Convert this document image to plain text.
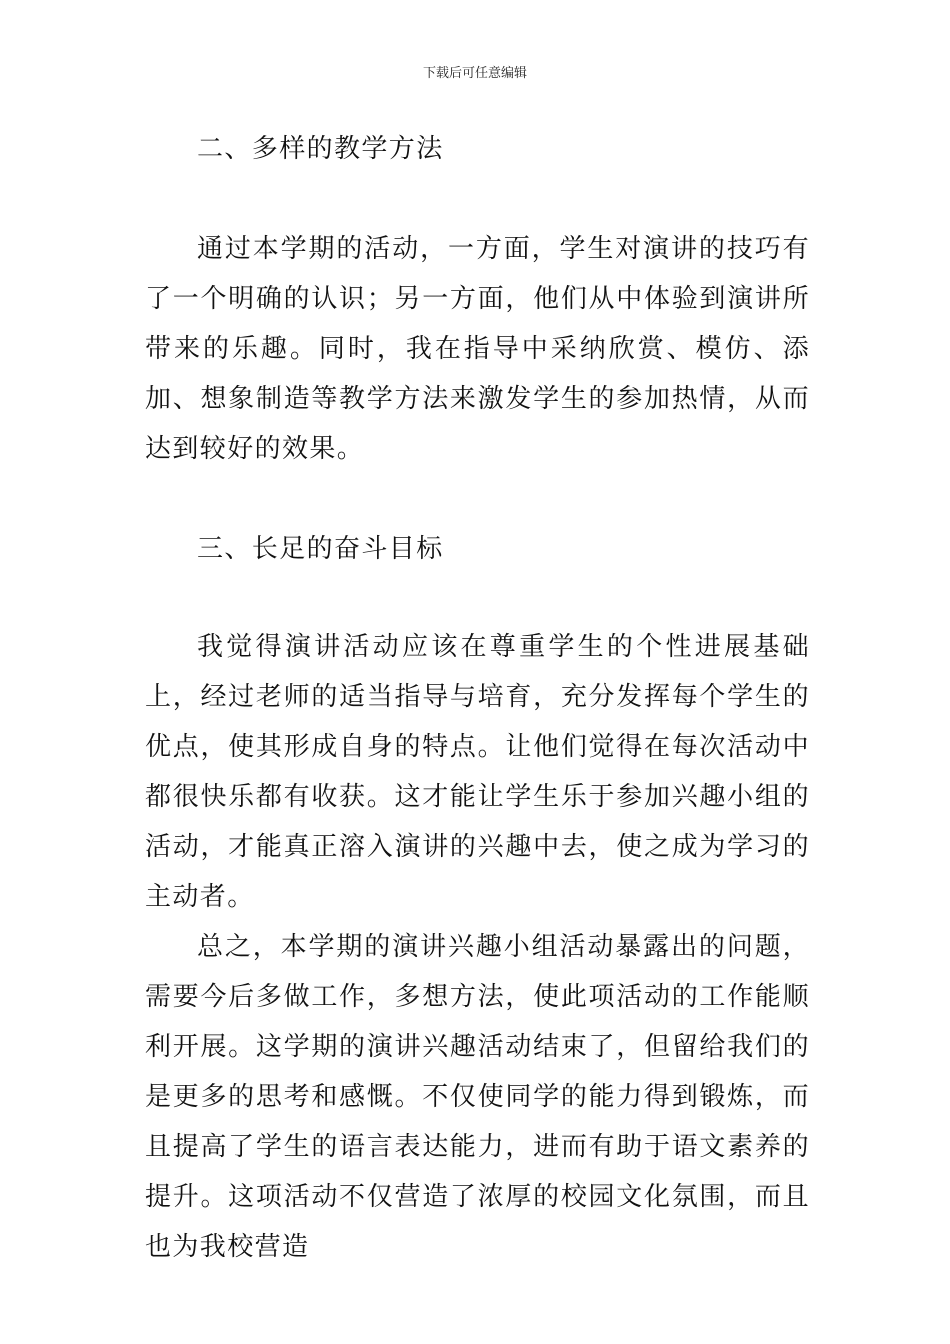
下载后可任意编辑

二、多样的教学方法

通过本学期的活动，一方面，学生对演讲的技巧有了一个明确的认识；另一方面，他们从中体验到演讲所带来的乐趣。同时，我在指导中采纳欣赏、模仿、添加、想象制造等教学方法来激发学生的参加热情，从而达到较好的效果。

三、长足的奋斗目标

我觉得演讲活动应该在尊重学生的个性进展基础上，经过老师的适当指导与培育，充分发挥每个学生的优点，使其形成自身的特点。让他们觉得在每次活动中都很快乐都有收获。这才能让学生乐于参加兴趣小组的活动，才能真正溶入演讲的兴趣中去，使之成为学习的主动者。

总之，本学期的演讲兴趣小组活动暴露出的问题，需要今后多做工作，多想方法，使此项活动的工作能顺利开展。这学期的演讲兴趣活动结束了，但留给我们的是更多的思考和感慨。不仅使同学的能力得到锻炼，而且提高了学生的语言表达能力，进而有助于语文素养的提升。这项活动不仅营造了浓厚的校园文化氛围，而且也为我校营造
